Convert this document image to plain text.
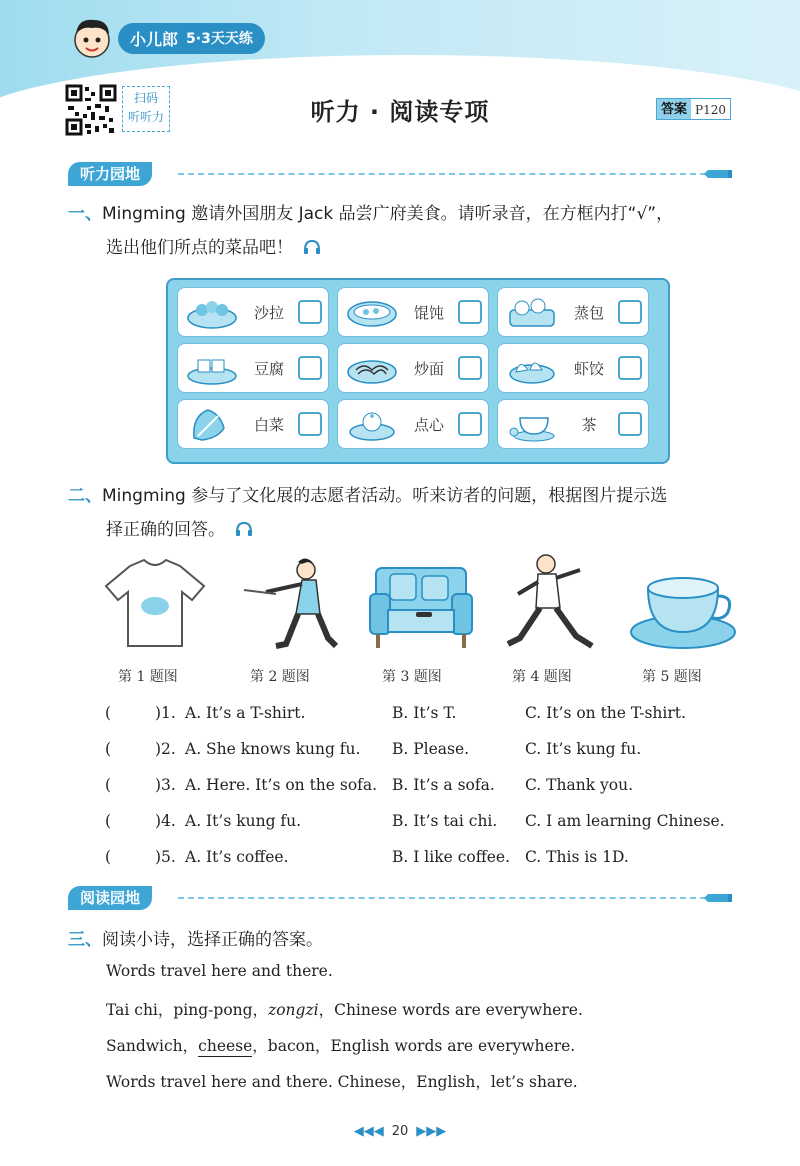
小儿郎 5·3天天练
扫码
听听力	听力 · 阅读专项	答案 P120
听力园地
一、Mingming 邀请外国朋友 Jack 品尝广府美食。请听录音，在方框内打“√”，
选出他们所点的菜品吧！
沙拉	馄饨	蒸包
豆腐	炒面	虾饺
白菜	点心	茶
二、Mingming 参与了文化展的志愿者活动。听来访者的问题，根据图片提示选
择正确的回答。
第 1 题图	第 2 题图	第 3 题图	第 4 题图	第 5 题图
(	)1. A. It’s a T-shirt.	B. It’s T.	C. It’s on the T-shirt.
(	)2. A. She knows kung fu. B. Please.	C. It’s kung fu.
(	)3. A. Here. It’s on the sofa. B. It’s a sofa. C. Thank you.
(	)4. A. It’s kung fu.	B. It’s tai chi. C. I am learning Chinese.
(	)5. A. It’s coffee.	B. I like coffee. C. This is 1D.
阅读园地
三、阅读小诗，选择正确的答案。
Words travel here and there.
Tai chi，ping-pong，zongzi，Chinese words are everywhere.
Sandwich，cheese，bacon，English words are everywhere.
Words travel here and there. Chinese，English，let’s share.
◀◀◀ 20 ▶▶▶
